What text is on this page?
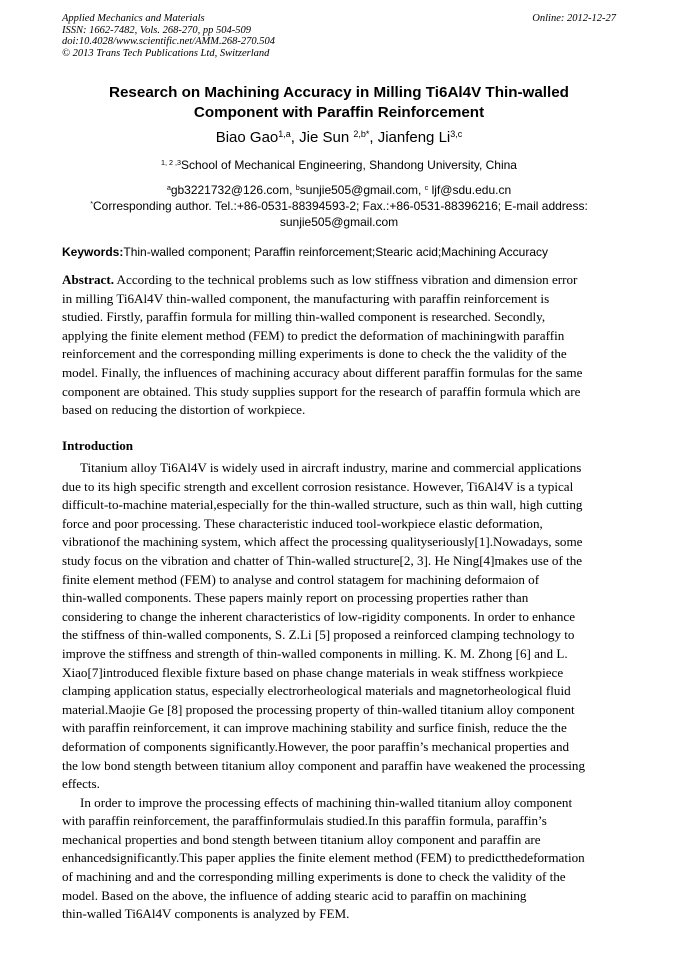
Applied Mechanics and Materials
ISSN: 1662-7482, Vols. 268-270, pp 504-509
doi:10.4028/www.scientific.net/AMM.268-270.504
© 2013 Trans Tech Publications Ltd, Switzerland
Online: 2012-12-27
Research on Machining Accuracy in Milling Ti6Al4V Thin-walled
Component with Paraffin Reinforcement
Biao Gao$^{1,a}$, Jie Sun $^{2,b*}$, Jianfeng Li$^{3,c}$
$^{1, 2 ,3}$School of Mechanical Engineering, Shandong University, China
$^a$gb3221732@126.com, $^b$sunjie505@gmail.com, $^c$ ljf@sdu.edu.cn
*Corresponding author. Tel.:+86-0531-88394593-2; Fax.:+86-0531-88396216; E-mail address:
sunjie505@gmail.com
Keywords:Thin-walled component; Paraffin reinforcement;Stearic acid;Machining Accuracy
Abstract. According to the technical problems such as low stiffness vibration and dimension error
in milling Ti6Al4V thin-walled component, the manufacturing with paraffin reinforcement is
studied. Firstly, paraffin formula for milling thin-walled component is researched. Secondly,
applying the finite element method (FEM) to predict the deformation of machiningwith paraffin
reinforcement and the corresponding milling experiments is done to check the the validity of the
model. Finally, the influences of machining accuracy about different paraffin formulas for the same
component are obtained. This study supplies support for the research of paraffin formula which are
based on reducing the distortion of workpiece.
Introduction
Titanium alloy Ti6Al4V is widely used in aircraft industry, marine and commercial applications
due to its high specific strength and excellent corrosion resistance. However, Ti6Al4V is a typical
difficult-to-machine material,especially for the thin-walled structure, such as thin wall, high cutting
force and poor processing. These characteristic induced tool-workpiece elastic deformation,
vibrationof the machining system, which affect the processing qualityseriously[1].Nowadays, some
study focus on the vibration and chatter of Thin-walled structure[2, 3]. He Ning[4]makes use of the
finite element method (FEM) to analyse and control statagem for machining deformaion of
thin-walled components. These papers mainly report on processing properties rather than
considering to change the inherent characteristics of low-rigidity components. In order to enhance
the stiffness of thin-walled components, S. Z.Li [5] proposed a reinforced clamping technology to
improve the stiffness and strength of thin-walled components in milling. K. M. Zhong [6] and L.
Xiao[7]introduced flexible fixture based on phase change materials in weak stiffness workpiece
clamping application status, especially electrorheological materials and magnetorheological fluid
material.Maojie Ge [8] proposed the processing property of thin-walled titanium alloy component
with paraffin reinforcement, it can improve machining stability and surfice finish, reduce the the
deformation of components significantly.However, the poor paraffin’s mechanical properties and
the low bond stength between titanium alloy component and paraffin have weakened the processing
effects.
In order to improve the processing effects of machining thin-walled titanium alloy component
with paraffin reinforcement, the paraffinformulais studied.In this paraffin formula, paraffin’s
mechanical properties and bond stength between titanium alloy component and paraffin are
enhancedsignificantly.This paper applies the finite element method (FEM) to predictthedeformation
of machining and and the corresponding milling experiments is done to check the validity of the
model. Based on the above, the influence of adding stearic acid to paraffin on machining
thin-walled Ti6Al4V components is analyzed by FEM.
